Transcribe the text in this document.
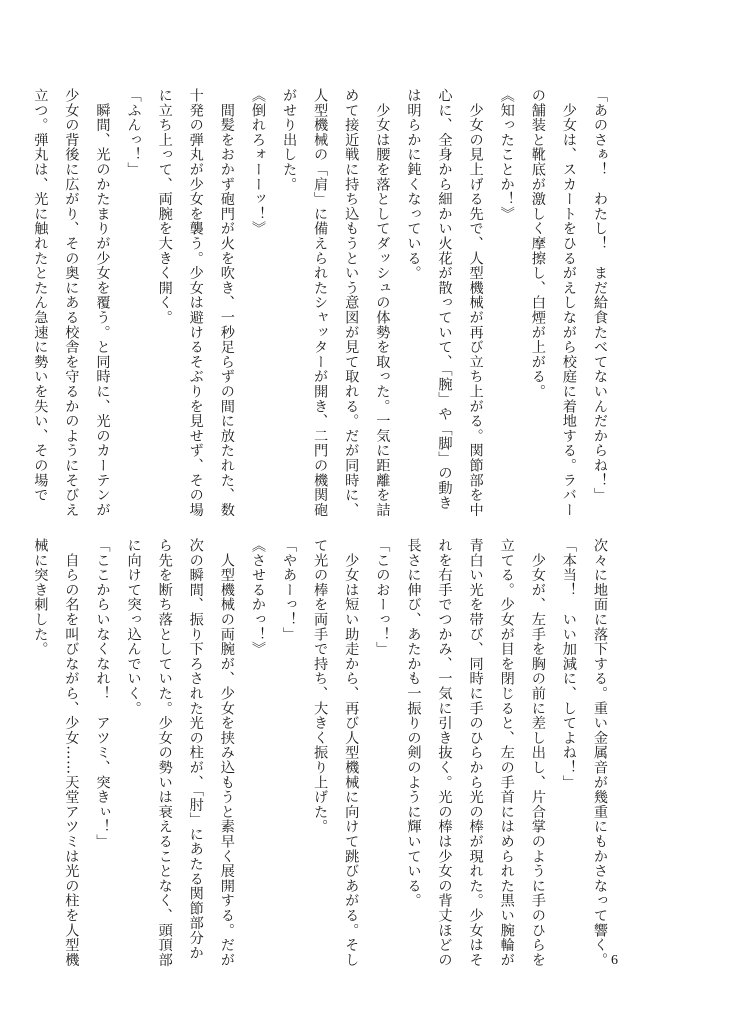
「あのさぁ！　わたし！　まだ給食たべてないんだからね！」
　少女は、スカートをひるがえしながら校庭に着地する。ラバー
の舗装と靴底が激しく摩擦し、白煙が上がる。
《知ったことか！》
　少女の見上げる先で、人型機械が再び立ち上がる。関節部を中
心に、全身から細かい火花が散っていて、「腕」や「脚」の動き
は明らかに鈍くなっている。
　少女は腰を落としてダッシュの体勢を取った。一気に距離を詰
めて接近戦に持ち込もうという意図が見て取れる。だが同時に、
人型機械の「肩」に備えられたシャッターが開き、二門の機関砲
がせり出した。
《倒れろォーーッ！》
　間髪をおかず砲門が火を吹き、一秒足らずの間に放たれた、数
十発の弾丸が少女を襲う。少女は避けるそぶりを見せず、その場
に立ち上って、両腕を大きく開く。
「ふんっ！」
　瞬間、光のかたまりが少女を覆う。と同時に、光のカーテンが
少女の背後に広がり、その奥にある校舎を守るかのようにそびえ
立つ。弾丸は、光に触れたとたん急速に勢いを失い、その場で
次々に地面に落下する。重い金属音が幾重にもかさなって響く。
「本当！　いい加減に、してよね！」
　少女が、左手を胸の前に差し出し、片合掌のように手のひらを
立てる。少女が目を閉じると、左の手首にはめられた黒い腕輪が
青白い光を帯び、同時に手のひらから光の棒が現れた。少女はそ
れを右手でつかみ、一気に引き抜く。光の棒は少女の背丈ほどの
長さに伸び、あたかも一振りの剣のように輝いている。
「このおーっ！」
　少女は短い助走から、再び人型機械に向けて跳びあがる。そし
て光の棒を両手で持ち、大きく振り上げた。
「やあーっ！」
《させるかっ！》
　人型機械の両腕が、少女を挟み込もうと素早く展開する。だが
次の瞬間、振り下ろされた光の柱が、「肘」にあたる関節部分か
ら先を断ち落としていた。少女の勢いは衰えることなく、頭頂部
に向けて突っ込んでいく。
「ここからいなくなれ！　アツミ、突きぃ！」
　自らの名を叫びながら、少女……天堂アツミは光の柱を人型機
械に突き刺した。
6
